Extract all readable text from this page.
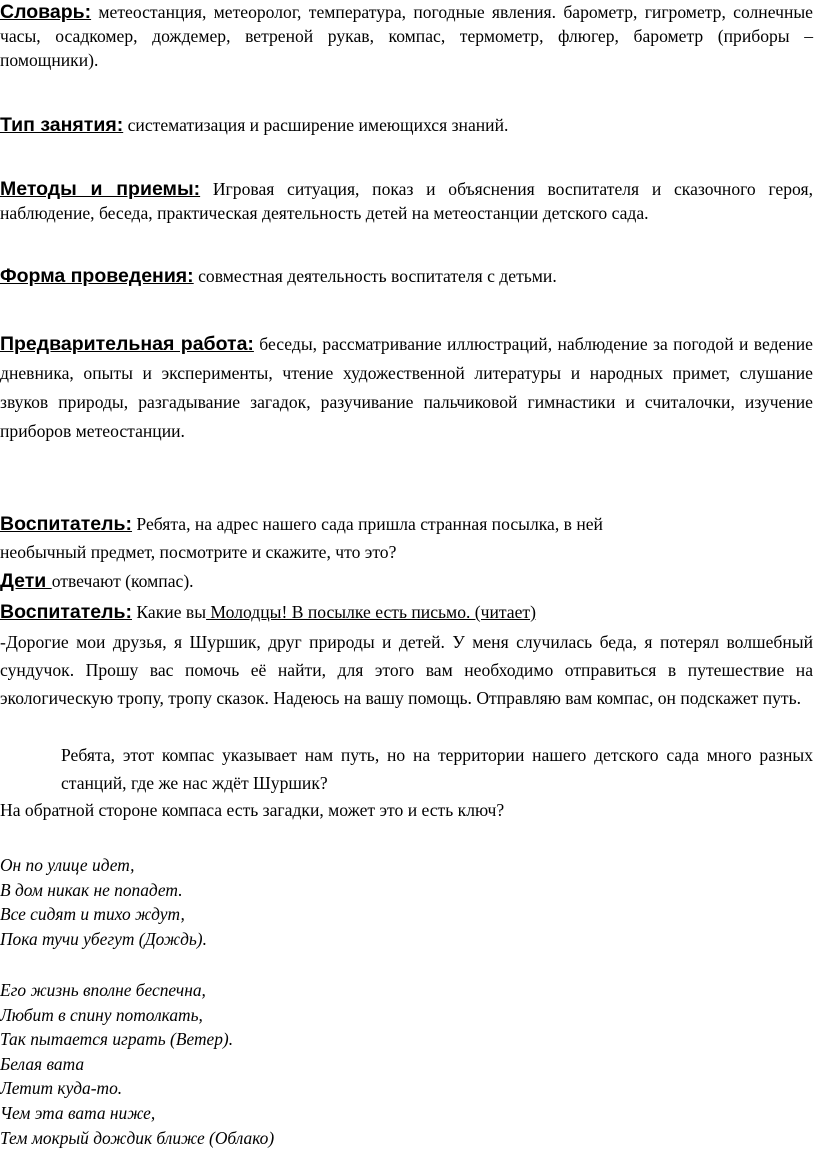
Словарь: метеостанция, метеоролог, температура, погодные явления. барометр, гигрометр, солнечные часы, осадкомер, дождемер, ветреной рукав, компас, термометр, флюгер, барометр (приборы – помощники).

Тип занятия: систематизация и расширение имеющихся знаний.

Методы и приемы: Игровая ситуация, показ и объяснения воспитателя и сказочного героя, наблюдение, беседа, практическая деятельность детей на метеостанции детского сада.

Форма проведения: совместная деятельность воспитателя с детьми.

Предварительная работа: беседы, рассматривание иллюстраций, наблюдение за погодой и ведение дневника, опыты и эксперименты, чтение художественной литературы и народных примет, слушание звуков природы, разгадывание загадок, разучивание пальчиковой гимнастики и считалочки, изучение приборов метеостанции.

Воспитатель: Ребята, на адрес нашего сада пришла странная посылка, в ней

необычный предмет, посмотрите и скажите, что это?

Дети отвечают (компас).

Воспитатель: Какие вы Молодцы! В посылке есть письмо. (читает)

-Дорогие мои друзья, я Шуршик, друг природы и детей. У меня случилась беда, я потерял волшебный сундучок. Прошу вас помочь её найти, для этого вам необходимо отправиться в путешествие на экологическую тропу, тропу сказок. Надеюсь на вашу помощь. Отправляю вам компас, он подскажет путь.

Ребята, этот компас указывает нам путь, но на территории нашего детского сада много разных станций, где же нас ждёт Шуршик?

На обратной стороне компаса есть загадки, может это и есть ключ?

Он по улице идет,
В дом никак не попадет.
Все сидят и тихо ждут,
Пока тучи убегут (Дождь).
Его жизнь вполне беспечна,
Любит в спину потолкать,
Так пытается играть (Ветер).
Белая вата
Летит куда-то.
Чем эта вата ниже,
Тем мокрый дождик ближе (Облако)
